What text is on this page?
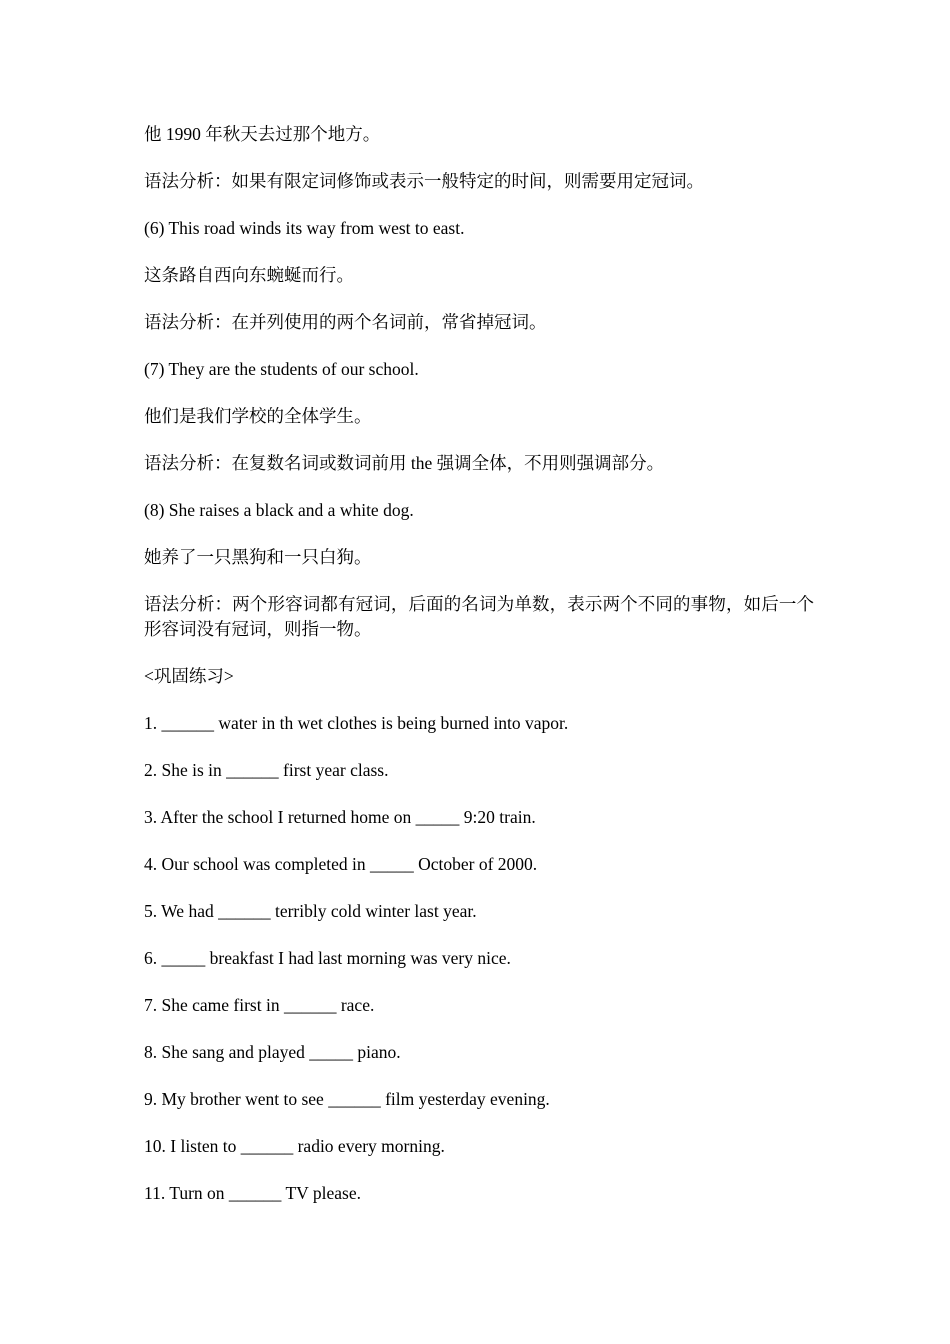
他 1990 年秋天去过那个地方。

语法分析：如果有限定词修饰或表示一般特定的时间，则需要用定冠词。

(6) This road winds its way from west to east.

这条路自西向东蜿蜒而行。

语法分析：在并列使用的两个名词前，常省掉冠词。

(7) They are the students of our school.

他们是我们学校的全体学生。

语法分析：在复数名词或数词前用 the 强调全体，不用则强调部分。

(8) She raises a black and a white dog.

她养了一只黑狗和一只白狗。

语法分析：两个形容词都有冠词，后面的名词为单数，表示两个不同的事物，如后一个形容词没有冠词，则指一物。

<巩固练习>

1. ______ water in th wet clothes is being burned into vapor.

2. She is in ______ first year class.

3. After the school I returned home on _____ 9:20 train.

4. Our school was completed in _____ October of 2000.

5. We had ______ terribly cold winter last year.

6. _____ breakfast I had last morning was very nice.

7. She came first in ______ race.

8. She sang and played _____ piano.

9. My brother went to see ______ film yesterday evening.

10. I listen to ______ radio every morning.

11. Turn on ______ TV please.
